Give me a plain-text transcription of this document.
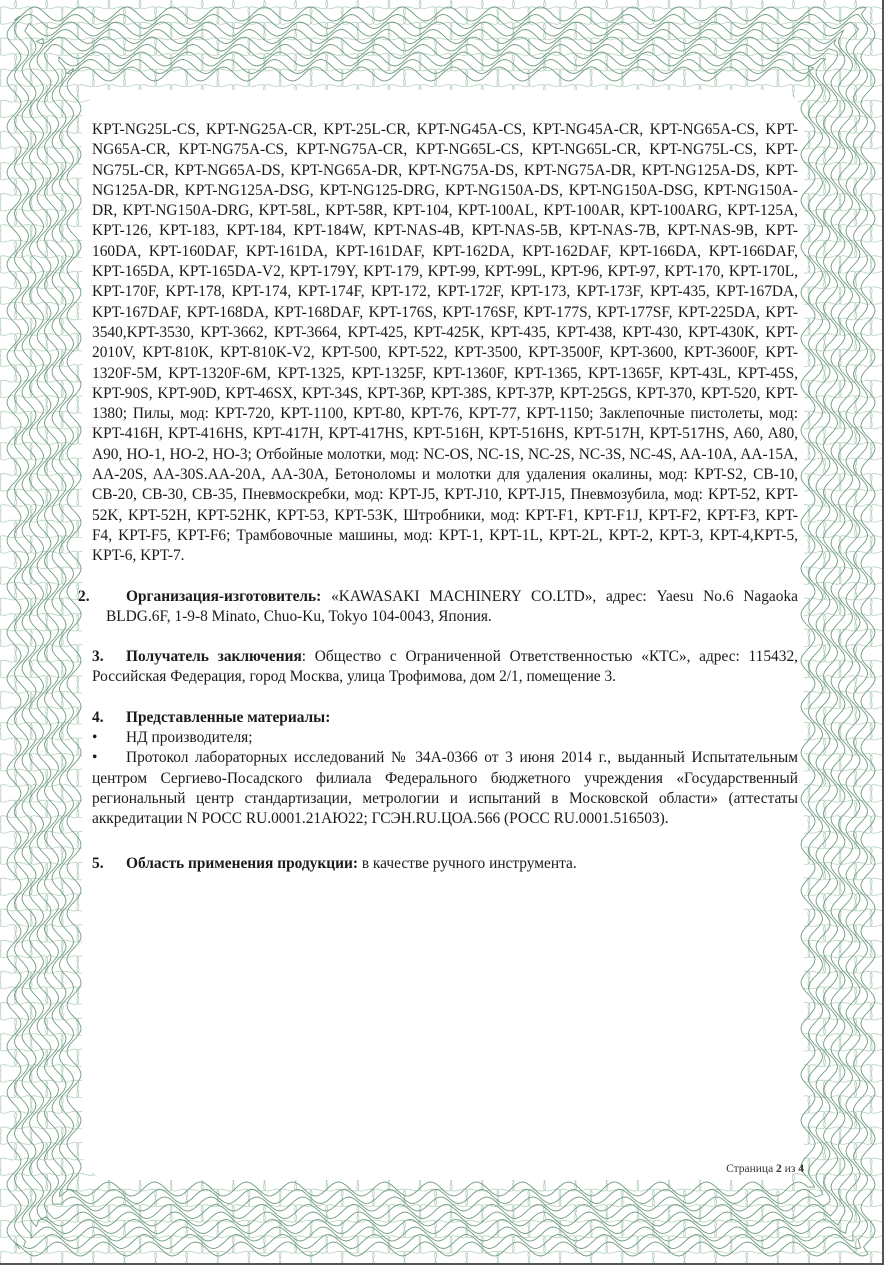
KPT-NG25L-CS, KPT-NG25A-CR, KPT-25L-CR, KPT-NG45A-CS, KPT-NG45A-CR, KPT-NG65A-CS, KPT-NG65A-CR, KPT-NG75A-CS, KPT-NG75A-CR, KPT-NG65L-CS, KPT-NG65L-CR, KPT-NG75L-CS, KPT-NG75L-CR, KPT-NG65A-DS, KPT-NG65A-DR, KPT-NG75A-DS, KPT-NG75A-DR, KPT-NG125A-DS, KPT-NG125A-DR, KPT-NG125A-DSG, KPT-NG125-DRG, KPT-NG150A-DS, KPT-NG150A-DSG, KPT-NG150A-DR, KPT-NG150A-DRG, KPT-58L, KPT-58R, KPT-104, KPT-100AL, KPT-100AR, KPT-100ARG, KPT-125A, KPT-126, KPT-183, KPT-184, KPT-184W, KPT-NAS-4B, KPT-NAS-5B, KPT-NAS-7B, KPT-NAS-9B, KPT-160DA, KPT-160DAF, KPT-161DA, KPT-161DAF, KPT-162DA, KPT-162DAF, KPT-166DA, KPT-166DAF, KPT-165DA, KPT-165DA-V2, KPT-179Y, KPT-179, KPT-99, KPT-99L, KPT-96, KPT-97, KPT-170, KPT-170L, KPT-170F, KPT-178, KPT-174, KPT-174F, KPT-172, KPT-172F, KPT-173, KPT-173F, KPT-435, KPT-167DA, KPT-167DAF, KPT-168DA, KPT-168DAF, KPT-176S, KPT-176SF, KPT-177S, KPT-177SF, KPT-225DA, KPT-3540,KPT-3530, KPT-3662, KPT-3664, KPT-425, KPT-425K, KPT-435, KPT-438, KPT-430, KPT-430K, KPT-2010V, KPT-810K, KPT-810K-V2, KPT-500, KPT-522, KPT-3500, KPT-3500F, KPT-3600, KPT-3600F, KPT-1320F-5M, KPT-1320F-6M, KPT-1325, KPT-1325F, KPT-1360F, KPT-1365, KPT-1365F, KPT-43L, KPT-45S, KPT-90S, KPT-90D, KPT-46SX, KPT-34S, KPT-36P, KPT-38S, KPT-37P, KPT-25GS, KPT-370, KPT-520, KPT-1380; Пилы, мод: KPT-720, KPT-1100, KPT-80, KPT-76, KPT-77, KPT-1150; Заклепочные пистолеты, мод: KPT-416H, KPT-416HS, KPT-417H, KPT-417HS, KPT-516H, KPT-516HS, KPT-517H, KPT-517HS, A60, A80, A90, HO-1, HO-2, HO-3; Отбойные молотки, мод: NC-OS, NC-1S, NC-2S, NC-3S, NC-4S, AA-10A, AA-15A, AA-20S, AA-30S.AA-20A, AA-30A, Бетоноломы и молотки для удаления окалины, мод: KPT-S2, CB-10, CB-20, CB-30, CB-35, Пневмоскребки, мод: KPT-J5, KPT-J10, KPT-J15, Пневмозубила, мод: KPT-52, KPT-52K, KPT-52H, KPT-52HK, KPT-53, KPT-53K, Штробники, мод: KPT-F1, KPT-F1J, KPT-F2, KPT-F3, KPT-F4, KPT-F5, KPT-F6; Трамбовочные машины, мод: KPT-1, KPT-1L, KPT-2L, KPT-2, KPT-3, KPT-4,KPT-5, KPT-6, KPT-7.

2. Организация-изготовитель: «KAWASAKI MACHINERY CO.LTD», адрес: Yaesu No.6 Nagaoka BLDG.6F, 1-9-8 Minato, Chuo-Ku, Tokyo 104-0043, Япония.
3. Получатель заключения: Общество с Ограниченной Ответственностью «КТС», адрес: 115432, Российская Федерация, город Москва, улица Трофимова, дом 2/1, помещение 3.

4. Представленные материалы:

• НД производителя;

• Протокол лабораторных исследований № 34А-0366 от 3 июня 2014 г., выданный Испытательным центром Сергиево-Посадского филиала Федерального бюджетного учреждения «Государственный региональный центр стандартизации, метрологии и испытаний в Московской области» (аттестаты аккредитации N РОСС RU.0001.21АЮ22; ГСЭН.RU.ЦОА.566 (РОСС RU.0001.516503).

5. Область применения продукции: в качестве ручного инструмента.
Страница 2 из 4
